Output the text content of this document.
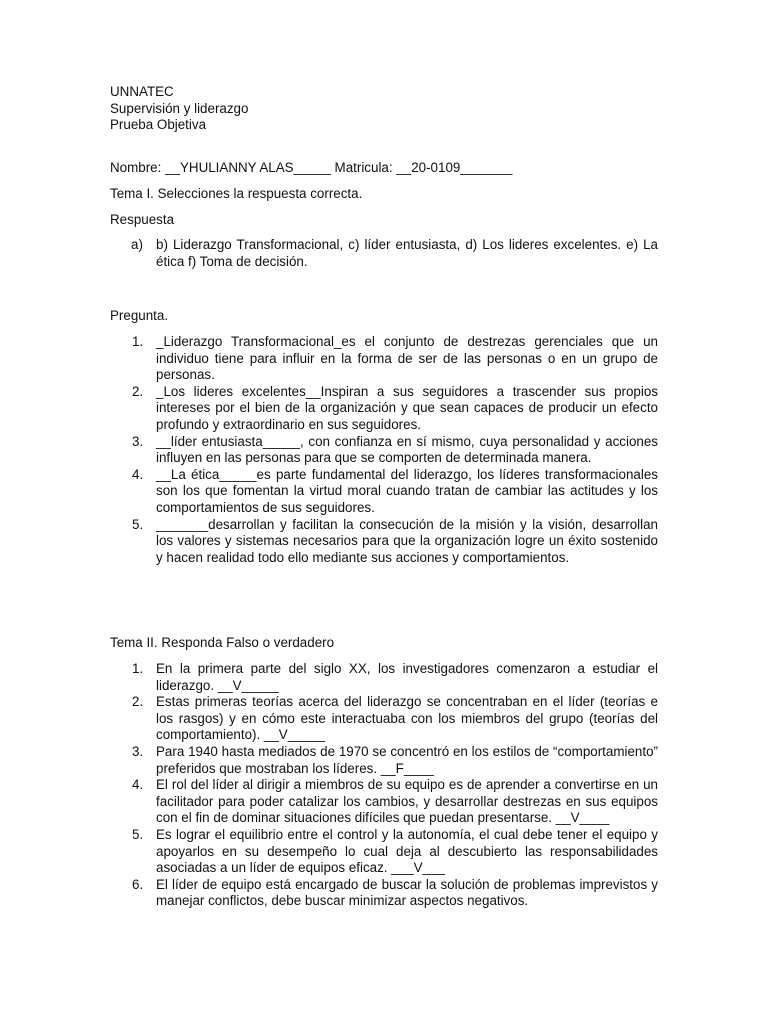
UNNATEC
Supervisión y liderazgo
Prueba Objetiva
Nombre: __YHULIANNY ALAS_____ Matricula: __20-0109_______
Tema I. Selecciones la respuesta correcta.
Respuesta
a) b) Liderazgo Transformacional, c) líder entusiasta, d) Los lideres excelentes. e) La ética f) Toma de decisión.
Pregunta.
1. _Liderazgo Transformacional_es el conjunto de destrezas gerenciales que un individuo tiene para influir en la forma de ser de las personas o en un grupo de personas.
2. _Los lideres excelentes__Inspiran a sus seguidores a trascender sus propios intereses por el bien de la organización y que sean capaces de producir un efecto profundo y extraordinario en sus seguidores.
3. __líder entusiasta_____, con confianza en sí mismo, cuya personalidad y acciones influyen en las personas para que se comporten de determinada manera.
4. __La ética_____es parte fundamental del liderazgo, los líderes transformacionales son los que fomentan la virtud moral cuando tratan de cambiar las actitudes y los comportamientos de sus seguidores.
5. _______desarrollan y facilitan la consecución de la misión y la visión, desarrollan los valores y sistemas necesarios para que la organización logre un éxito sostenido y hacen realidad todo ello mediante sus acciones y comportamientos.
Tema II. Responda Falso o verdadero
1. En la primera parte del siglo XX, los investigadores comenzaron a estudiar el liderazgo. __V_____
2. Estas primeras teorías acerca del liderazgo se concentraban en el líder (teorías e los rasgos) y en cómo este interactuaba con los miembros del grupo (teorías del comportamiento). __V_____
3. Para 1940 hasta mediados de 1970 se concentró en los estilos de “comportamiento” preferidos que mostraban los líderes. __F____
4. El rol del líder al dirigir a miembros de su equipo es de aprender a convertirse en un facilitador para poder catalizar los cambios, y desarrollar destrezas en sus equipos con el fin de dominar situaciones difíciles que puedan presentarse. __V____
5. Es lograr el equilibrio entre el control y la autonomía, el cual debe tener el equipo y apoyarlos en su desempeño lo cual deja al descubierto las responsabilidades asociadas a un líder de equipos eficaz. ___V___
6. El líder de equipo está encargado de buscar la solución de problemas imprevistos y manejar conflictos, debe buscar minimizar aspectos negativos.
